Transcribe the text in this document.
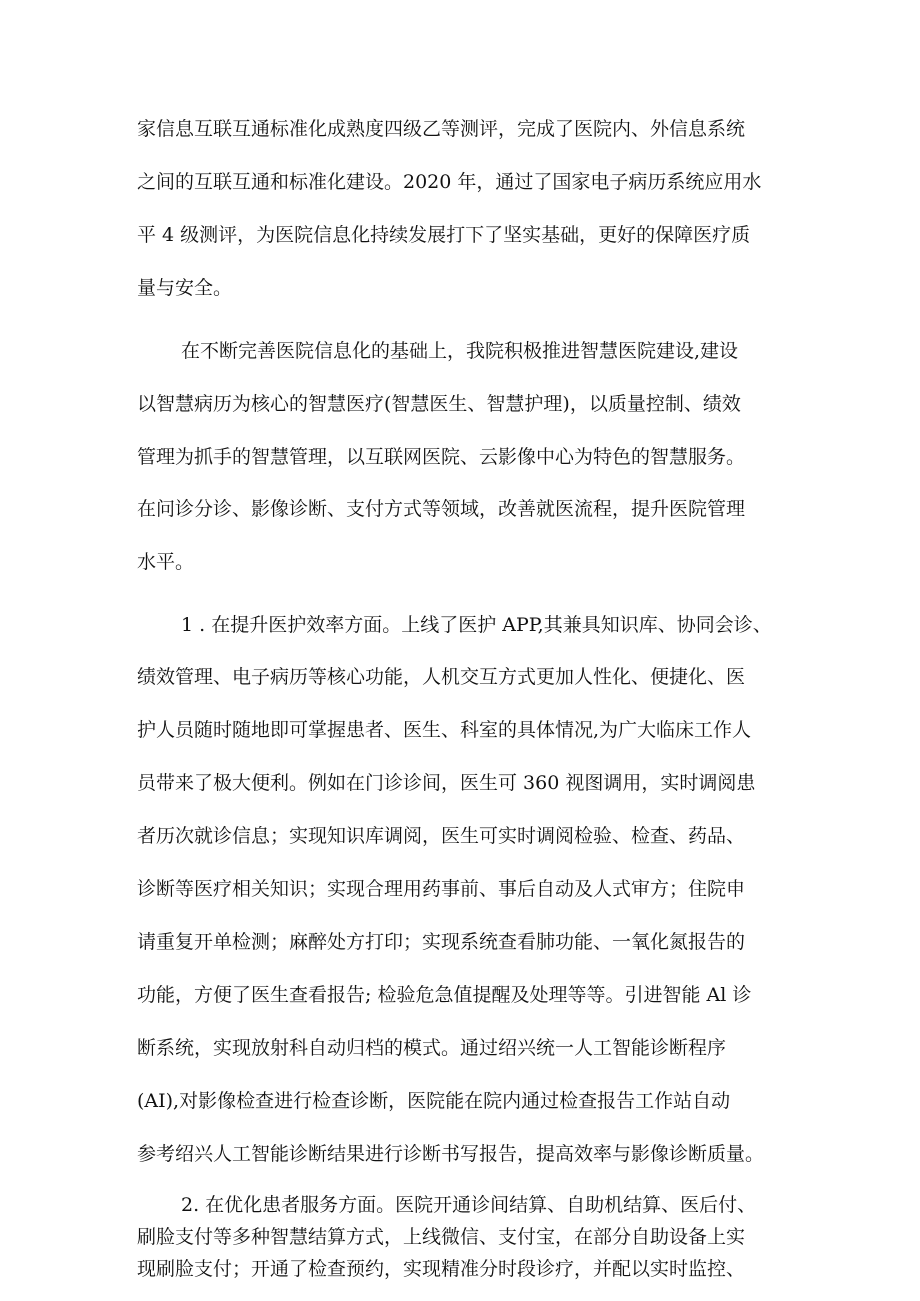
家信息互联互通标准化成熟度四级乙等测评，完成了医院内、外信息系统
之间的互联互通和标准化建设。2020 年，通过了国家电子病历系统应用水
平 4 级测评，为医院信息化持续发展打下了坚实基础，更好的保障医疗质
量与安全。
在不断完善医院信息化的基础上，我院积极推进智慧医院建设,建设
以智慧病历为核心的智慧医疗(智慧医生、智慧护理)，以质量控制、绩效
管理为抓手的智慧管理，以互联网医院、云影像中心为特色的智慧服务。
在问诊分诊、影像诊断、支付方式等领域，改善就医流程，提升医院管理
水平。
1 . 在提升医护效率方面。上线了医护 APP,其兼具知识库、协同会诊、
绩效管理、电子病历等核心功能，人机交互方式更加人性化、便捷化、医
护人员随时随地即可掌握患者、医生、科室的具体情况,为广大临床工作人
员带来了极大便利。例如在门诊诊间，医生可 360 视图调用，实时调阅患
者历次就诊信息；实现知识库调阅，医生可实时调阅检验、检查、药品、
诊断等医疗相关知识；实现合理用药事前、事后自动及人式审方；住院申
请重复开单检测；麻醉处方打印；实现系统查看肺功能、一氧化氮报告的
功能，方便了医生查看报告; 检验危急值提醒及处理等等。引进智能 Al 诊
断系统，实现放射科自动归档的模式。通过绍兴统一人工智能诊断程序
(AI),对影像检查进行检查诊断，医院能在院内通过检查报告工作站自动
参考绍兴人工智能诊断结果进行诊断书写报告，提高效率与影像诊断质量。
2. 在优化患者服务方面。医院开通诊间结算、自助机结算、医后付、
刷脸支付等多种智慧结算方式，上线微信、支付宝，在部分自助设备上实
现刷脸支付；开通了检查预约，实现精准分时段诊疗，并配以实时监控、
